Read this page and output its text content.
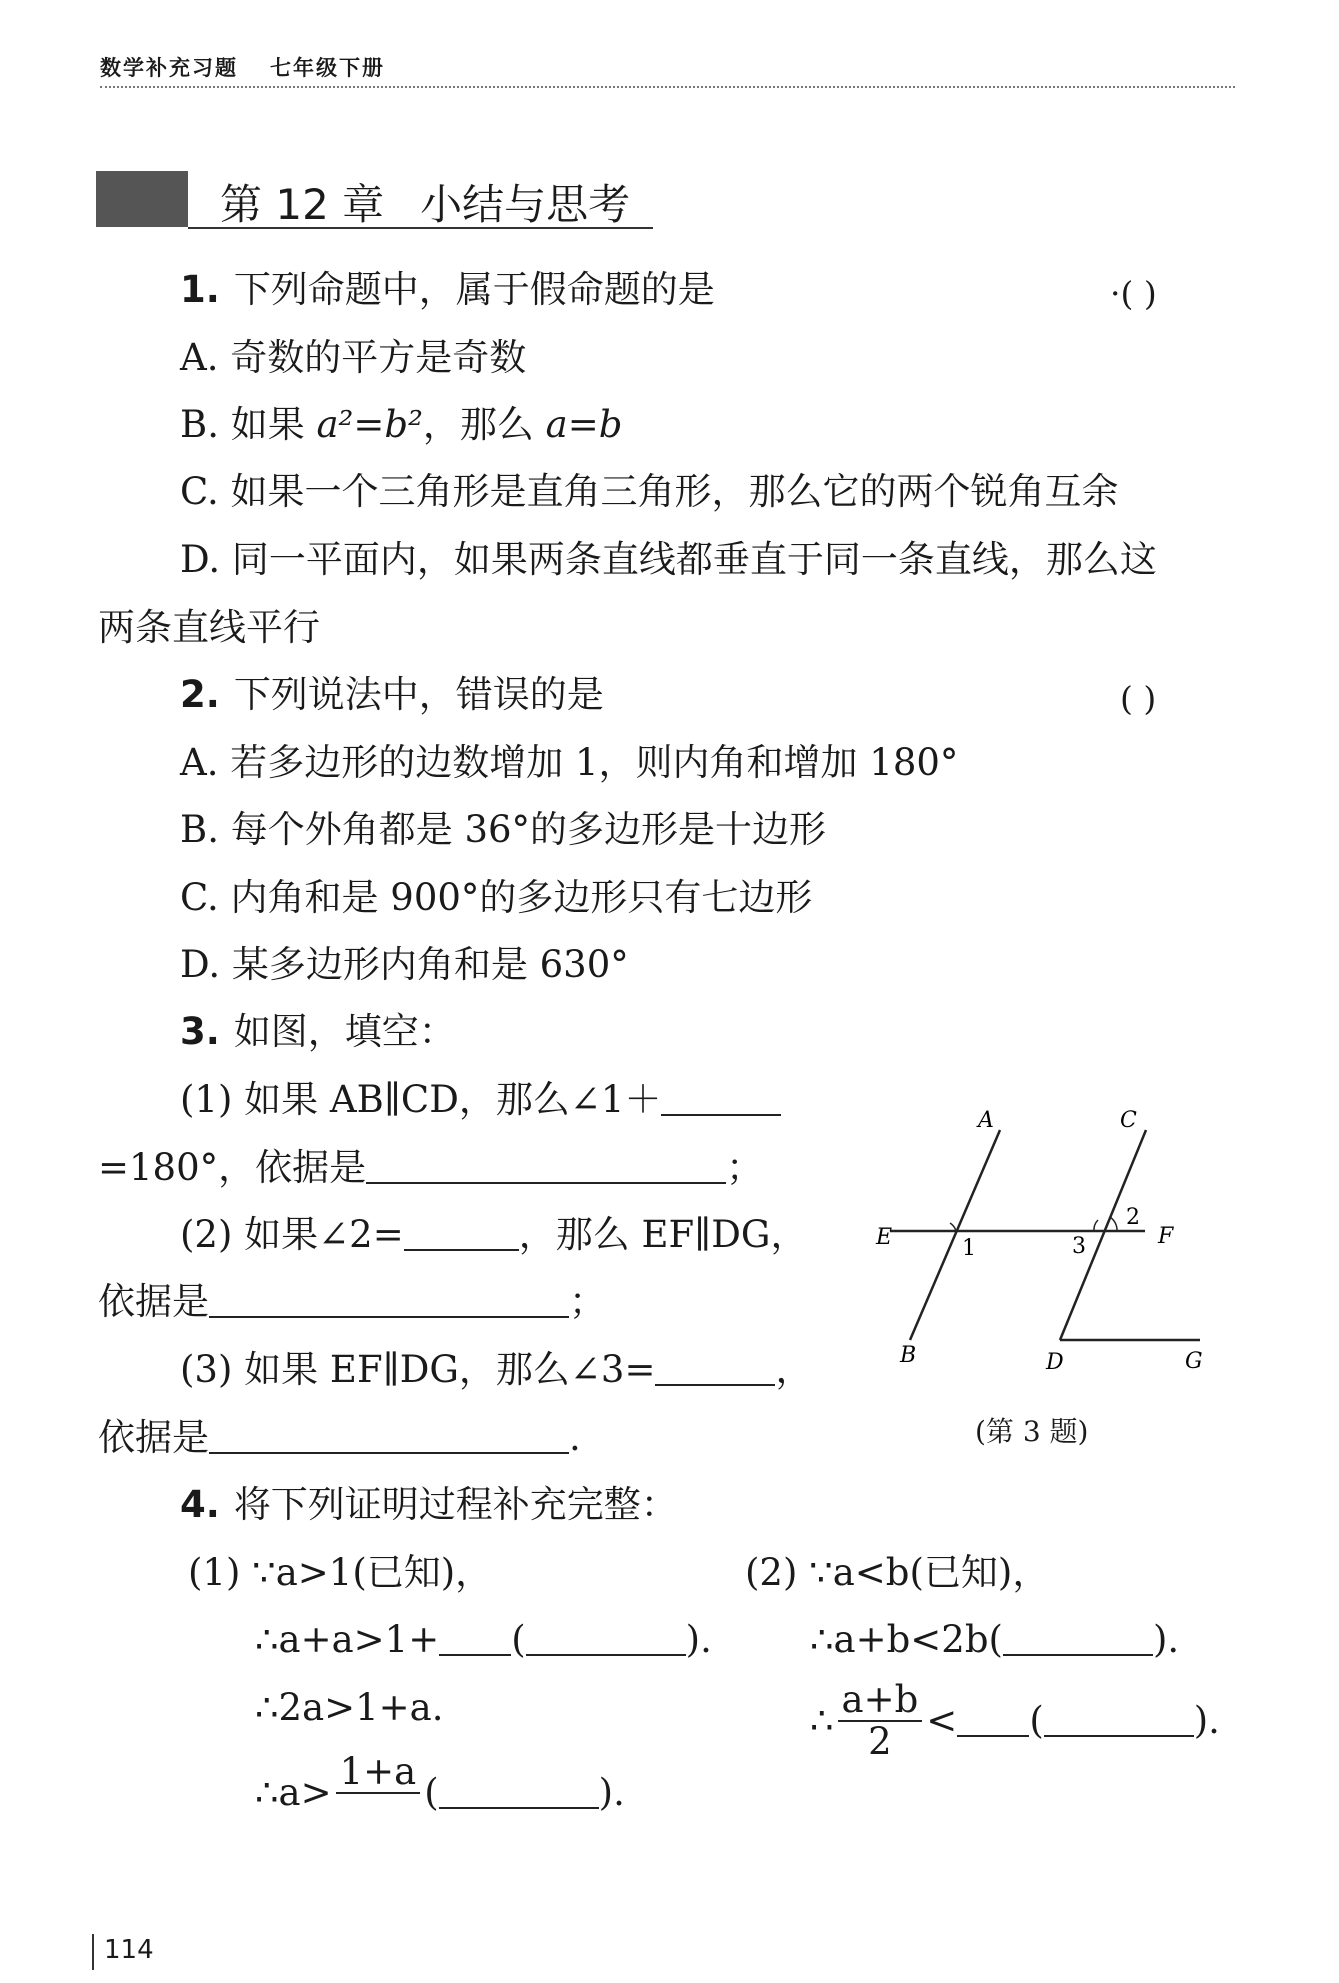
数学补充习题 七年级下册
第 12 章 小结与思考
1. 下列命题中，属于假命题的是	·( )
A. 奇数的平方是奇数
B. 如果 a²=b²，那么 a=b
C. 如果一个三角形是直角三角形，那么它的两个锐角互余
D. 同一平面内，如果两条直线都垂直于同一条直线，那么这
两条直线平行
2. 下列说法中，错误的是	( )
A. 若多边形的边数增加 1，则内角和增加 180°
B. 每个外角都是 36°的多边形是十边形
C. 内角和是 900°的多边形只有七边形
D. 某多边形内角和是 630°
3. 如图，填空：
(1) 如果 AB∥CD，那么∠1＋
=180°，依据是	；
(2) 如果∠2=	，那么 EF∥DG，
依据是	；
(3) 如果 EF∥DG，那么∠3=	，
依据是	.
A
B
C
D
E	F
G
1
2
3
(第 3 题)
4. 将下列证明过程补充完整：
(1) ∵a>1(已知)，
∴a+a>1+ (	).
∴2a>1+a.
∴a> 1+a
(	).
(2) ∵a<b(已知)，
∴a+b<2b(	).
∴ $\frac{a+b}{2}$ < (	).
114
